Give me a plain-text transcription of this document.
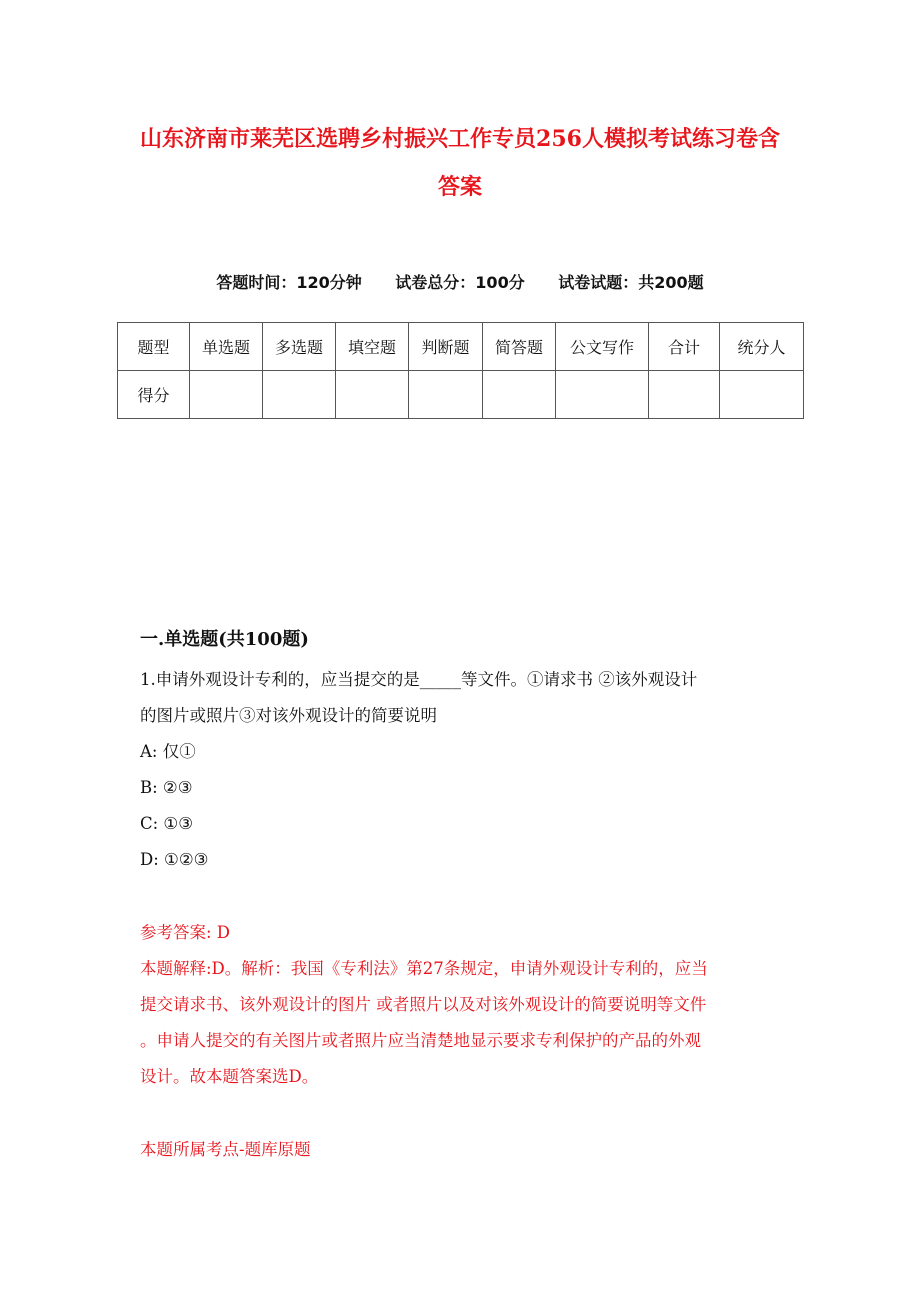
山东济南市莱芜区选聘乡村振兴工作专员256人模拟考试练习卷含
答案
答题时间：120分钟 试卷总分：100分 试卷试题：共200题
题型	单选题	多选题	填空题	判断题	简答题	公文写作	合计	统分人
得分								
一.单选题(共100题)
1.申请外观设计专利的，应当提交的是_____等文件。①请求书 ②该外观设计
的图片或照片③对该外观设计的简要说明
A: 仅①
B: ②③
C: ①③
D: ①②③
参考答案: D
本题解释:D。解析：我国《专利法》第27条规定，申请外观设计专利的，应当
提交请求书、该外观设计的图片 或者照片以及对该外观设计的简要说明等文件
。申请人提交的有关图片或者照片应当清楚地显示要求专利保护的产品的外观
设计。故本题答案选D。
本题所属考点-题库原题
